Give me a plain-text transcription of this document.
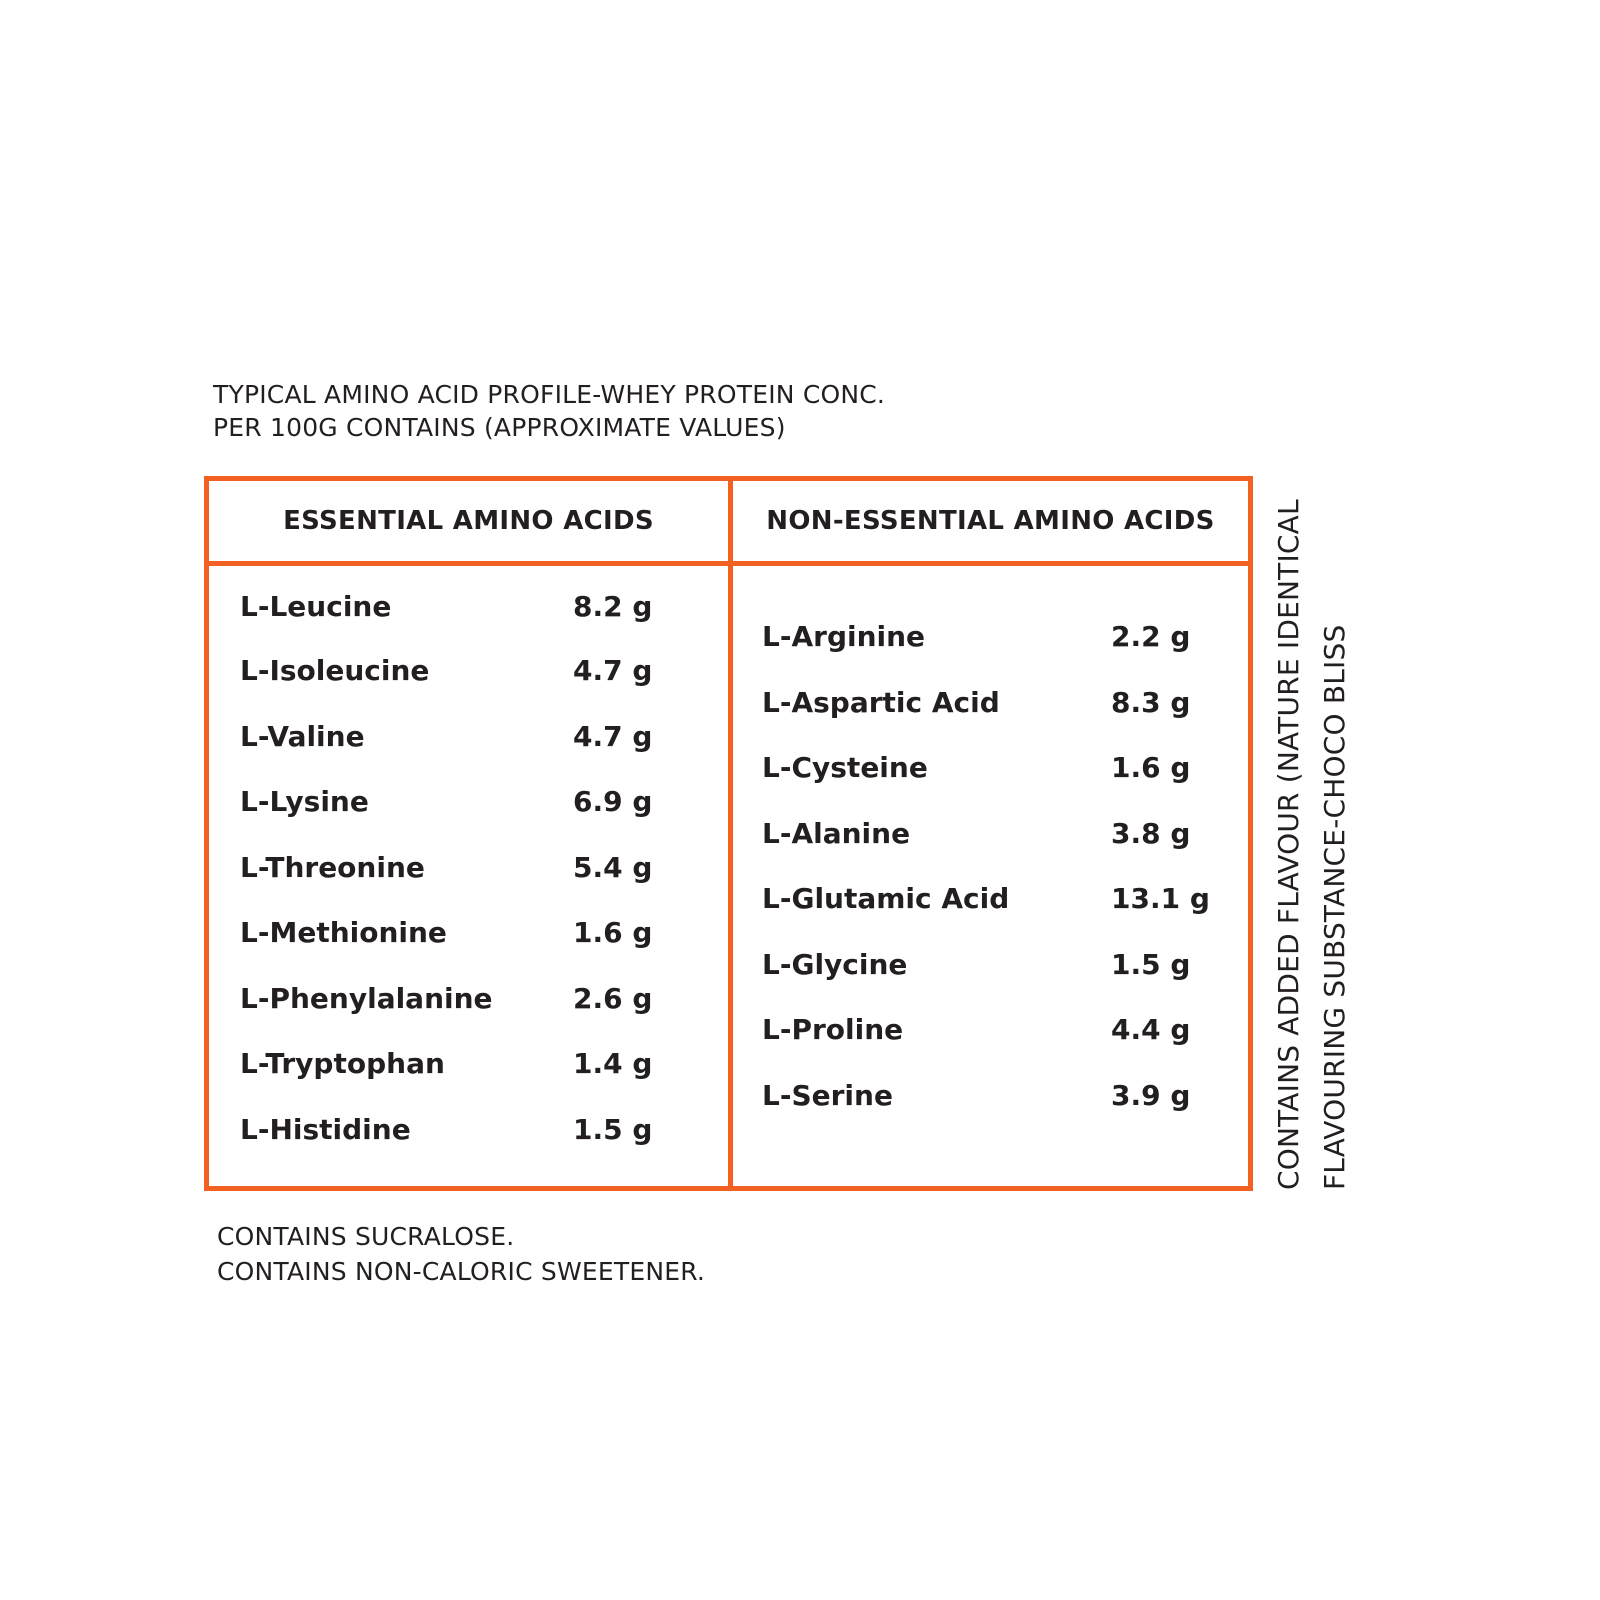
TYPICAL AMINO ACID PROFILE-WHEY PROTEIN CONC.
PER 100G CONTAINS (APPROXIMATE VALUES)
ESSENTIAL AMINO ACIDS	NON-ESSENTIAL AMINO ACIDS
L-Leucine	8.2 g
L-Isoleucine	4.7 g
L-Valine	4.7 g
L-Lysine	6.9 g
L-Threonine	5.4 g
L-Methionine	1.6 g
L-Phenylalanine	2.6 g
L-Tryptophan	1.4 g
L-Histidine	1.5 g
L-Arginine	2.2 g
L-Aspartic Acid	8.3 g
L-Cysteine	1.6 g
L-Alanine	3.8 g
L-Glutamic Acid	13.1 g
L-Glycine	1.5 g
L-Proline	4.4 g
L-Serine	3.9 g
CONTAINS SUCRALOSE.
CONTAINS NON-CALORIC SWEETENER.
CONTAINS ADDED FLAVOUR (NATURE IDENTICAL FLAVOURING SUBSTANCE-CHOCO BLISS
